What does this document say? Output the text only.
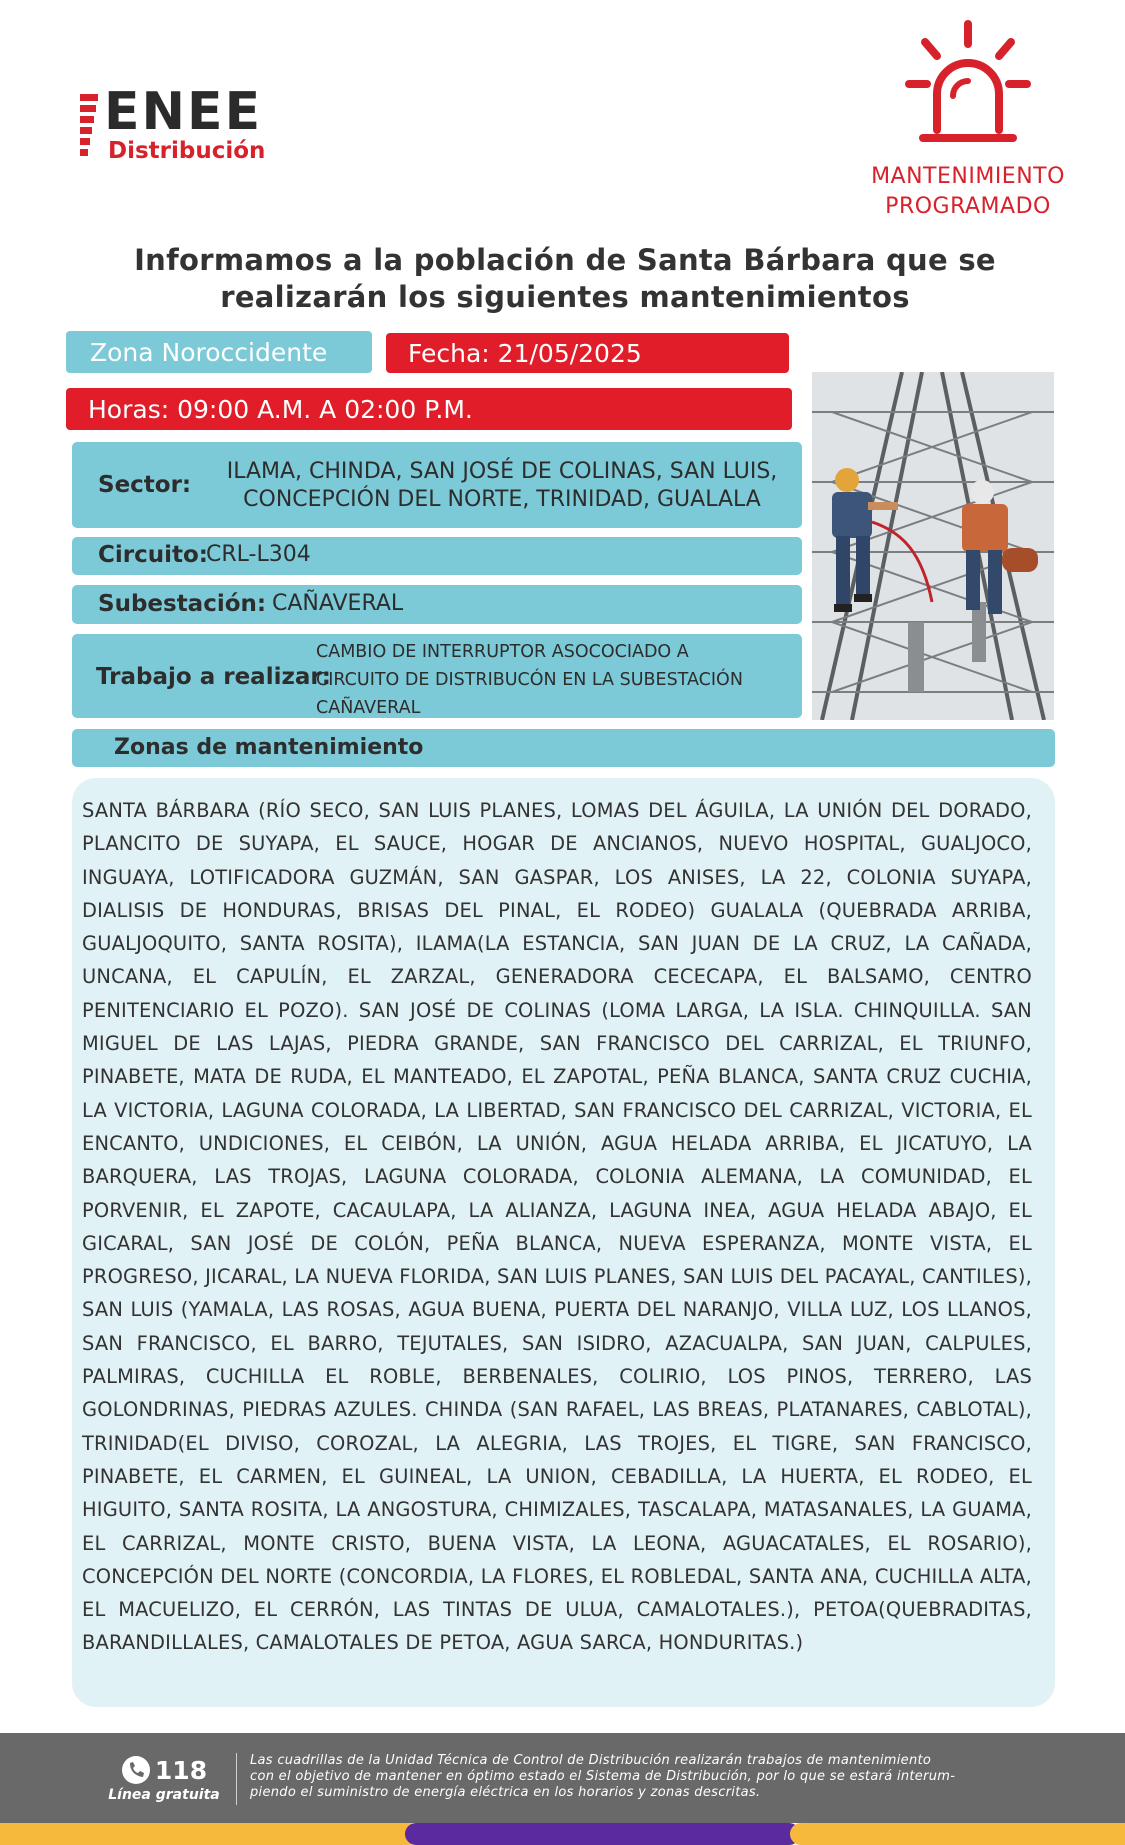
ENEE
Distribución
MANTENIMIENTO
PROGRAMADO
Informamos a la población de Santa Bárbara que se
realizarán los siguientes mantenimientos
Zona Noroccidente	Fecha: 21/05/2025
Horas: 09:00 A.M. A 02:00 P.M.
Sector:
ILAMA, CHINDA, SAN JOSÉ DE COLINAS, SAN LUIS,
CONCEPCIÓN DEL NORTE, TRINIDAD, GUALALA
Circuito:
CRL-L304
Subestación: CAÑAVERAL
Trabajo a realizar:
CAMBIO DE INTERRUPTOR ASOCOCIADO A
CIRCUITO DE DISTRIBUCÓN EN LA SUBESTACIÓN
CAÑAVERAL
Zonas de mantenimiento

SANTA BÁRBARA (RÍO SECO, SAN LUIS PLANES, LOMAS DEL ÁGUILA, LA UNIÓN DEL DORADO, PLANCITO DE SUYAPA, EL SAUCE, HOGAR DE ANCIANOS, NUEVO HOSPITAL, GUALJOCO, INGUAYA, LOTIFICADORA GUZMÁN, SAN GASPAR, LOS ANISES, LA 22, COLONIA SUYAPA, DIALISIS DE HONDURAS, BRISAS DEL PINAL, EL RODEO) GUALALA (QUEBRADA ARRIBA, GUALJOQUITO, SANTA ROSITA), ILAMA(LA ESTANCIA, SAN JUAN DE LA CRUZ, LA CAÑADA, UNCANA, EL CAPULÍN, EL ZARZAL, GENERADORA CECECAPA, EL BALSAMO, CENTRO PENITENCIARIO EL POZO). SAN JOSÉ DE COLINAS (LOMA LARGA, LA ISLA. CHINQUILLA. SAN MIGUEL DE LAS LAJAS, PIEDRA GRANDE, SAN FRANCISCO DEL CARRIZAL, EL TRIUNFO, PINABETE, MATA DE RUDA, EL MANTEADO, EL ZAPOTAL, PEÑA BLANCA, SANTA CRUZ CUCHIA, LA VICTORIA, LAGUNA COLORADA, LA LIBERTAD, SAN FRANCISCO DEL CARRIZAL, VICTORIA, EL ENCANTO, UNDICIONES, EL CEIBÓN, LA UNIÓN, AGUA HELADA ARRIBA, EL JICATUYO, LA BARQUERA, LAS TROJAS, LAGUNA COLORADA, COLONIA ALEMANA, LA COMUNIDAD, EL PORVENIR, EL ZAPOTE, CACAULAPA, LA ALIANZA, LAGUNA INEA, AGUA HELADA ABAJO, EL GICARAL, SAN JOSÉ DE COLÓN, PEÑA BLANCA, NUEVA ESPERANZA, MONTE VISTA, EL PROGRESO, JICARAL, LA NUEVA FLORIDA, SAN LUIS PLANES, SAN LUIS DEL PACAYAL, CANTILES), SAN LUIS (YAMALA, LAS ROSAS, AGUA BUENA, PUERTA DEL NARANJO, VILLA LUZ, LOS LLANOS, SAN FRANCISCO, EL BARRO, TEJUTALES, SAN ISIDRO, AZACUALPA, SAN JUAN, CALPULES, PALMIRAS, CUCHILLA EL ROBLE, BERBENALES, COLIRIO, LOS PINOS, TERRERO, LAS GOLONDRINAS, PIEDRAS AZULES. CHINDA (SAN RAFAEL, LAS BREAS, PLATANARES, CABLOTAL), TRINIDAD(EL DIVISO, COROZAL, LA ALEGRIA, LAS TROJES, EL TIGRE, SAN FRANCISCO, PINABETE, EL CARMEN, EL GUINEAL, LA UNION, CEBADILLA, LA HUERTA, EL RODEO, EL HIGUITO, SANTA ROSITA, LA ANGOSTURA, CHIMIZALES, TASCALAPA, MATASANALES, LA GUAMA, EL CARRIZAL, MONTE CRISTO, BUENA VISTA, LA LEONA, AGUACATALES, EL ROSARIO), CONCEPCIÓN DEL NORTE (CONCORDIA, LA FLORES, EL ROBLEDAL, SANTA ANA, CUCHILLA ALTA, EL MACUELIZO, EL CERRÓN, LAS TINTAS DE ULUA, CAMALOTALES.), PETOA(QUEBRADITAS, BARANDILLALES, CAMALOTALES DE PETOA, AGUA SARCA, HONDURITAS.)

118
Línea gratuita
Las cuadrillas de la Unidad Técnica de Control de Distribución realizarán trabajos de mantenimiento
con el objetivo de mantener en óptimo estado el Sistema de Distribución, por lo que se estará interum-
piendo el suministro de energía eléctrica en los horarios y zonas descritas.
